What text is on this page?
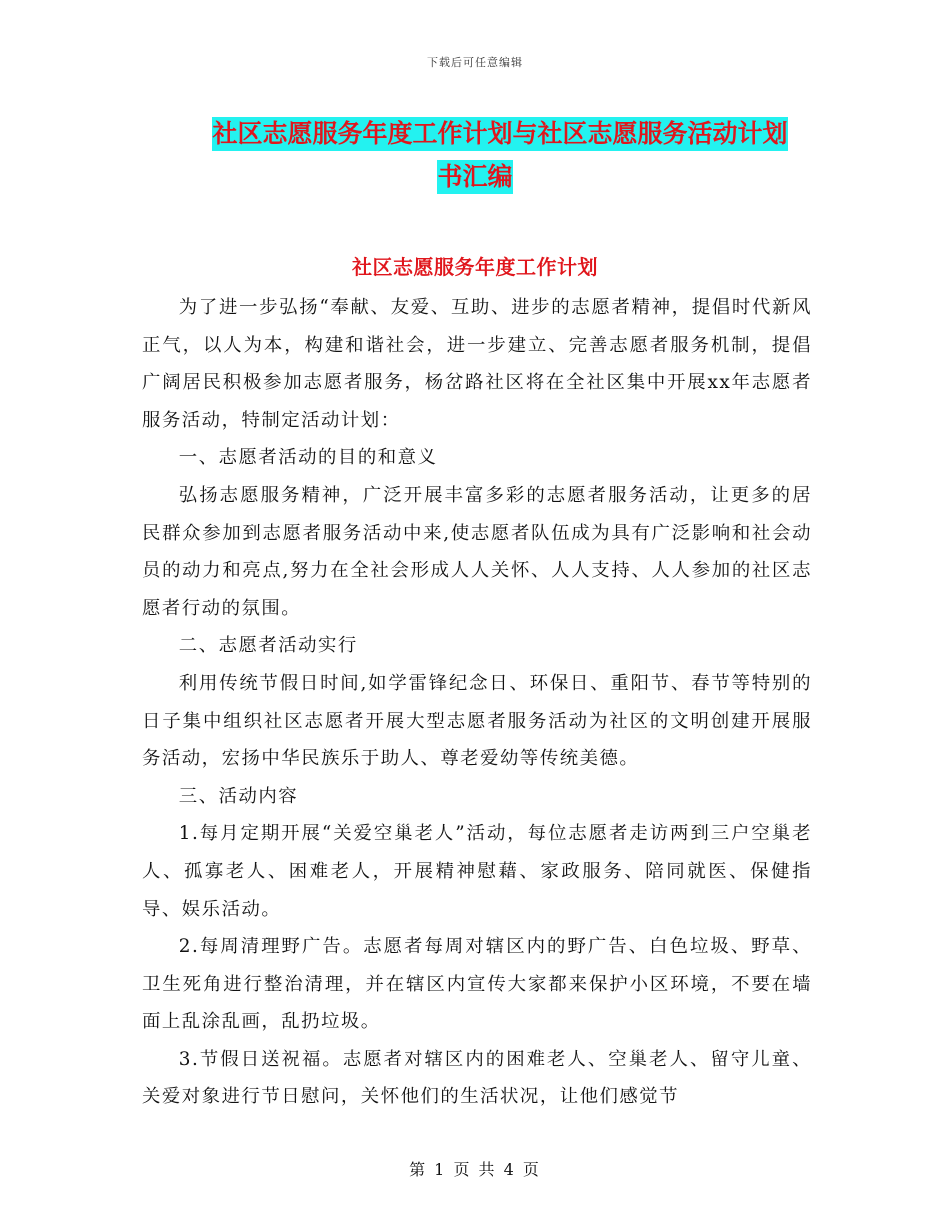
下载后可任意编辑
社区志愿服务年度工作计划与社区志愿服务活动计划
书汇编
社区志愿服务年度工作计划

为了进一步弘扬“奉献、友爱、互助、进步的志愿者精神，提倡时代新风正气，以人为本，构建和谐社会，进一步建立、完善志愿者服务机制，提倡广阔居民积极参加志愿者服务，杨岔路社区将在全社区集中开展xx年志愿者服务活动，特制定活动计划：

一、志愿者活动的目的和意义

弘扬志愿服务精神，广泛开展丰富多彩的志愿者服务活动，让更多的居民群众参加到志愿者服务活动中来,使志愿者队伍成为具有广泛影响和社会动员的动力和亮点,努力在全社会形成人人关怀、人人支持、人人参加的社区志愿者行动的氛围。

二、志愿者活动实行

利用传统节假日时间,如学雷锋纪念日、环保日、重阳节、春节等特别的日子集中组织社区志愿者开展大型志愿者服务活动为社区的文明创建开展服务活动，宏扬中华民族乐于助人、尊老爱幼等传统美德。

三、活动内容

1.每月定期开展“关爱空巢老人”活动，每位志愿者走访两到三户空巢老人、孤寡老人、困难老人，开展精神慰藉、家政服务、陪同就医、保健指导、娱乐活动。

2.每周清理野广告。志愿者每周对辖区内的野广告、白色垃圾、野草、卫生死角进行整治清理，并在辖区内宣传大家都来保护小区环境，不要在墙面上乱涂乱画，乱扔垃圾。

3.节假日送祝福。志愿者对辖区内的困难老人、空巢老人、留守儿童、关爱对象进行节日慰问，关怀他们的生活状况，让他们感觉节

第 1 页 共 4 页
